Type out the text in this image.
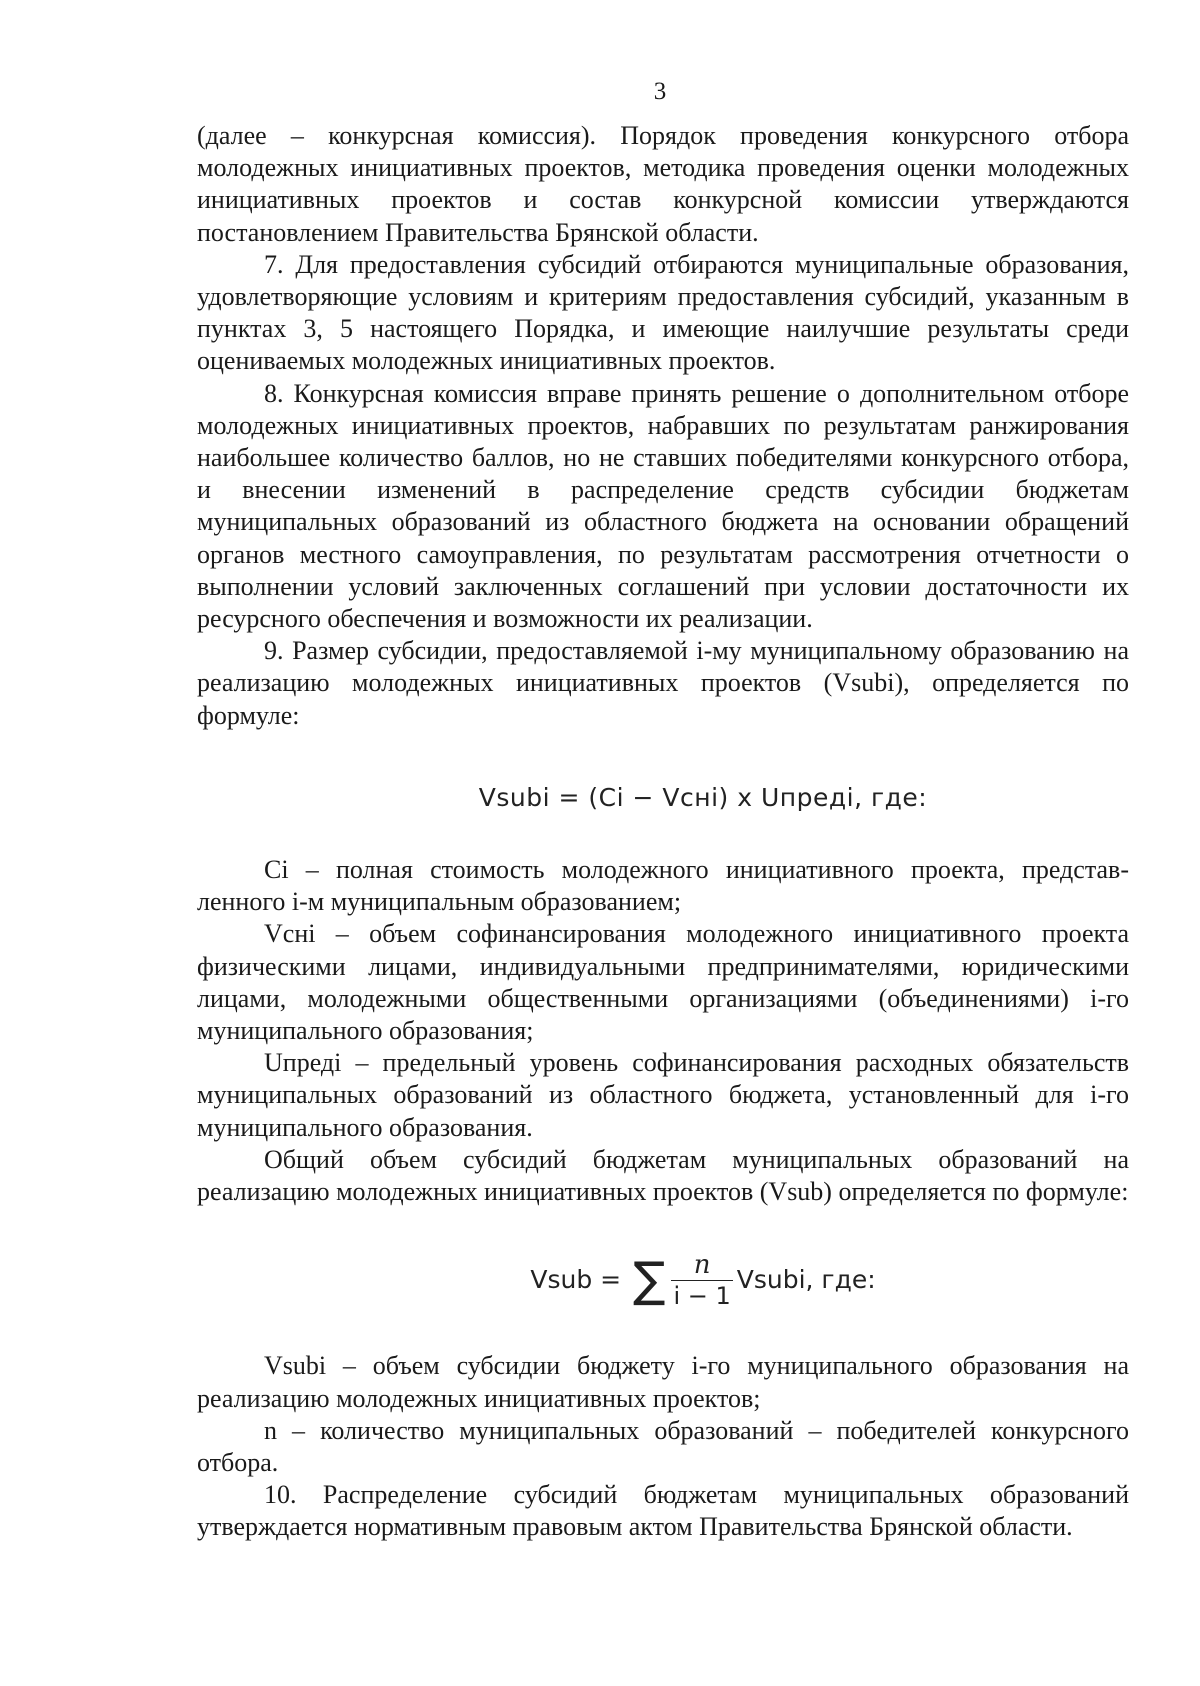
3

(далее – конкурсная комиссия). Порядок проведения конкурсного отбора молодежных инициативных проектов, методика проведения оценки молодежных инициативных проектов и состав конкурсной комиссии утверждаются постановлением Правительства Брянской области.

7. Для предоставления субсидий отбираются муниципальные образования, удовлетворяющие условиям и критериям предоставления субсидий, указанным в пунктах 3, 5 настоящего Порядка, и имеющие наилучшие результаты среди оцениваемых молодежных инициативных проектов.

8. Конкурсная комиссия вправе принять решение о дополнительном отборе молодежных инициативных проектов, набравших по результатам ранжирования наибольшее количество баллов, но не ставших победителями конкурсного отбора, и внесении изменений в распределение средств субсидии бюджетам муниципальных образований из областного бюджета на основании обращений органов местного самоуправления, по результатам рассмотрения отчетности о выполнении условий заключенных соглашений при условии достаточности их ресурсного обеспечения и возможности их реализации.

9. Размер субсидии, предоставляемой i-му муниципальному образованию на реализацию молодежных инициативных проектов (Vsubi), определяется по формуле:

Vsubi = (Ci − Vсні) x Uпредi, где:

Сi – полная стоимость молодежного инициативного проекта, представленного i-м муниципальным образованием;

Vсні – объем софинансирования молодежного инициативного проекта физическими лицами, индивидуальными предпринимателями, юридическими лицами, молодежными общественными организациями (объединениями) i-го муниципального образования;

Uпредi – предельный уровень софинансирования расходных обязательств муниципальных образований из областного бюджета, установленный для i-го муниципального образования.

Общий объем субсидий бюджетам муниципальных образований на реализацию молодежных инициативных проектов (Vsub) определяется по формуле:

Vsub = ∑ $\frac{n}{i - 1}$ Vsubi, где:

Vsubi – объем субсидии бюджету i-го муниципального образования на реализацию молодежных инициативных проектов;

n – количество муниципальных образований – победителей конкурсного отбора.

10. Распределение субсидий бюджетам муниципальных образований утверждается нормативным правовым актом Правительства Брянской области.
